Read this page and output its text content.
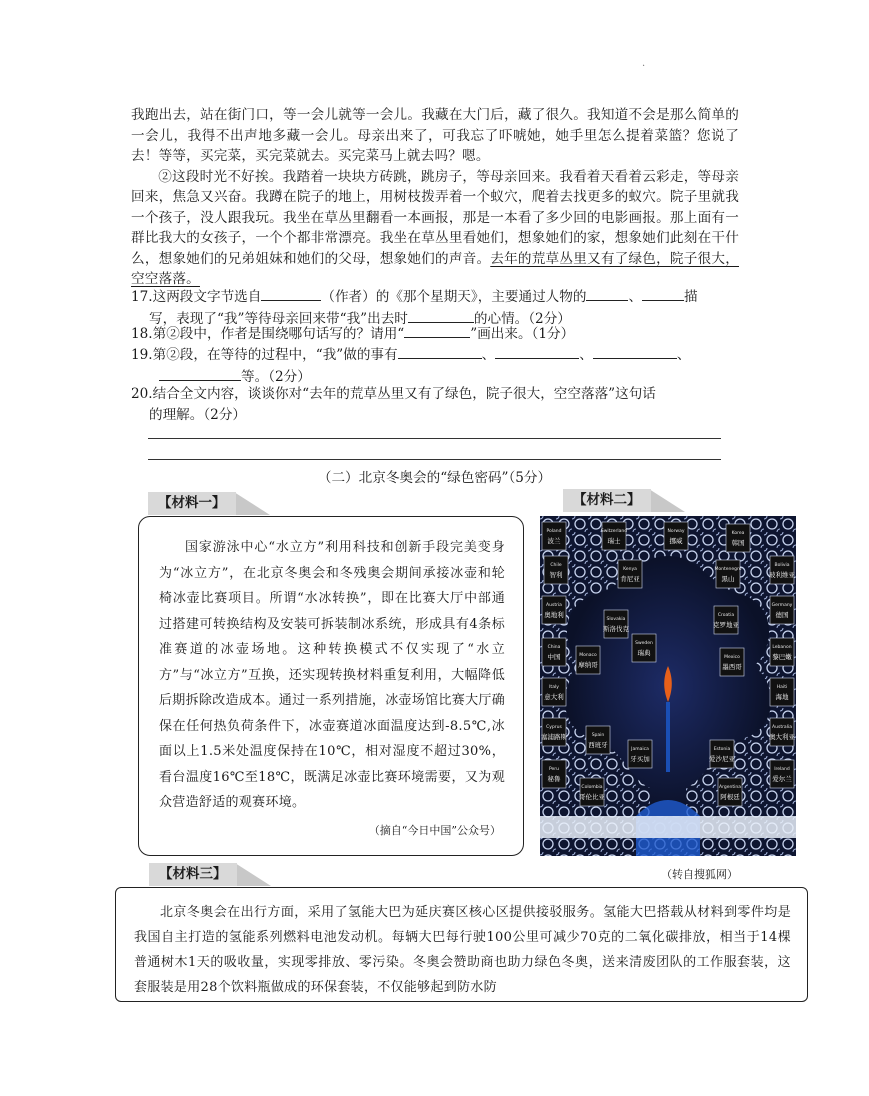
.

我跑出去，站在街门口，等一会儿就等一会儿。我藏在大门后，藏了很久。我知道不会是那么简单的一会儿，我得不出声地多藏一会儿。母亲出来了，可我忘了吓唬她，她手里怎么提着菜篮？您说了去！等等，买完菜，买完菜就去。买完菜马上就去吗？嗯。

②这段时光不好挨。我踏着一块块方砖跳，跳房子，等母亲回来。我看着天看着云彩走，等母亲回来，焦急又兴奋。我蹲在院子的地上，用树枝拨弄着一个蚁穴，爬着去找更多的蚁穴。院子里就我一个孩子，没人跟我玩。我坐在草丛里翻看一本画报，那是一本看了多少回的电影画报。那上面有一群比我大的女孩子，一个个都非常漂亮。我坐在草丛里看她们，想象她们的家，想象她们此刻在干什么，想象她们的兄弟姐妹和她们的父母，想象她们的声音。去年的荒草丛里又有了绿色，院子很大，空空落落。

17.这两段文字节选自	（作者）的《那个星期天》，主要通过人物的	、	描
写，表现了“我”等待母亲回来带“我”出去时	的心情。（2分）
18.第②段中，作者是围绕哪句话写的？请用“	”画出来。（1分）
19.第②段，在等待的过程中，“我”做的事有	、	、	、
等。（2分）
20.结合全文内容，谈谈你对“去年的荒草丛里又有了绿色，院子很大，空空落落”这句话
的理解。（2分）
（二）北京冬奥会的“绿色密码”（5分）
【材料一】
国家游泳中心“水立方”利用科技和创新手段完美变身为“冰立方”，在北京冬奥会和冬残奥会期间承接冰壶和轮椅冰壶比赛项目。所谓“水冰转换”，即在比赛大厅中部通过搭建可转换结构及安装可拆装制冰系统，形成具有4条标准赛道的冰壶场地。这种转换模式不仅实现了“水立方”与“冰立方”互换，还实现转换材料重复利用，大幅降低后期拆除改造成本。通过一系列措施，冰壶场馆比赛大厅确保在任何热负荷条件下，冰壶赛道冰面温度达到-8.5℃,冰面以上1.5米处温度保持在10℃，相对湿度不超过30%，看台温度16℃至18℃，既满足冰壶比赛环境需要，又为观众营造舒适的观赛环境。
（摘自“今日中国”公众号）
【材料二】
Poland
波兰
Switzerland
瑞士
Norway
挪威
Korea
韩国
Bolivia
玻利维亚
Chile
智利
Kenya
肯尼亚
Montenegro
黑山
Germany
德国
Austria
奥地利
Slovakia
斯洛伐克
Croatia
克罗地亚
Lebanon
黎巴嫩
China
中国	Monaco
摩纳哥
Sweden
瑞典
Mexico
墨西哥
Haiti
海地
Italy
意大利
Australia
澳大利亚
Cyprus
塞浦路斯	Spain
西班牙
Jamaica
牙买加
Estonia
爱沙尼亚
Ireland
爱尔兰
Peru
秘鲁
Colombia
哥伦比亚
Argentina
阿根廷
（转自搜狐网）
【材料三】
北京冬奥会在出行方面，采用了氢能大巴为延庆赛区核心区提供接驳服务。氢能大巴搭载从材料到零件均是我国自主打造的氢能系列燃料电池发动机。每辆大巴每行驶100公里可减少70克的二氧化碳排放，相当于14棵普通树木1天的吸收量，实现零排放、零污染。冬奥会赞助商也助力绿色冬奥，送来清废团队的工作服套装，这套服装是用28个饮料瓶做成的环保套装，不仅能够起到防水防
